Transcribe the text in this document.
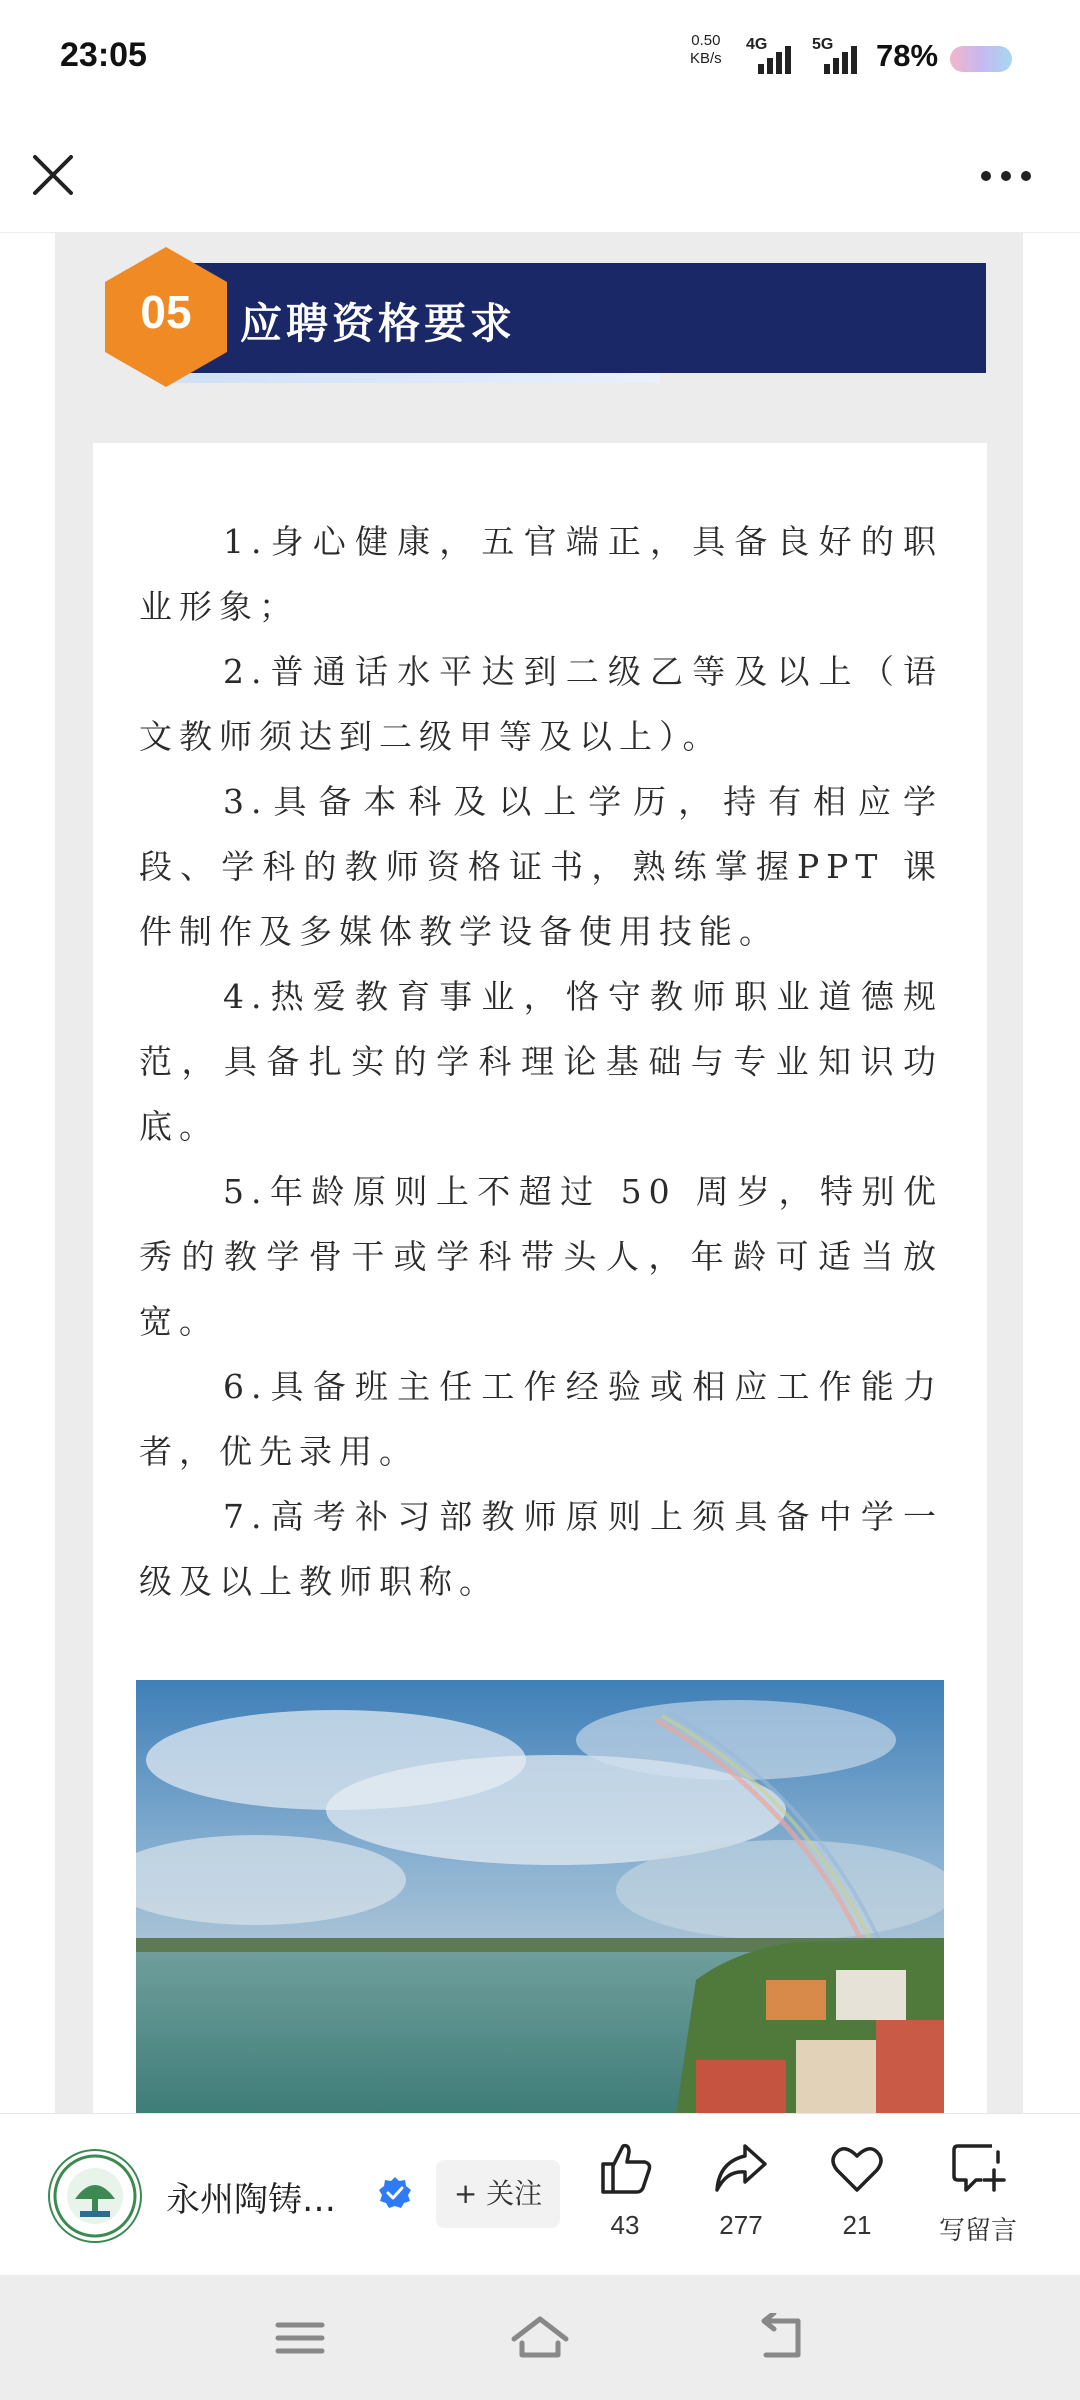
23:05	0.50
KB/s
4G	5G 78%
05	应聘资格要求

1.身心健康，五官端正，具备良好的职业形象；

2.普通话水平达到二级乙等及以上（语文教师须达到二级甲等及以上）。

3.具备本科及以上学历，持有相应学段、学科的教师资格证书，熟练掌握PPT 课件制作及多媒体教学设备使用技能。

4.热爱教育事业，恪守教师职业道德规范，具备扎实的学科理论基础与专业知识功底。

5.年龄原则上不超过 50 周岁，特别优秀的教学骨干或学科带头人，年龄可适当放宽。

6.具备班主任工作经验或相应工作能力者，优先录用。

7.高考补习部教师原则上须具备中学一级及以上教师职称。

永州陶铸…	+ 关注
43	277	21	写留言
